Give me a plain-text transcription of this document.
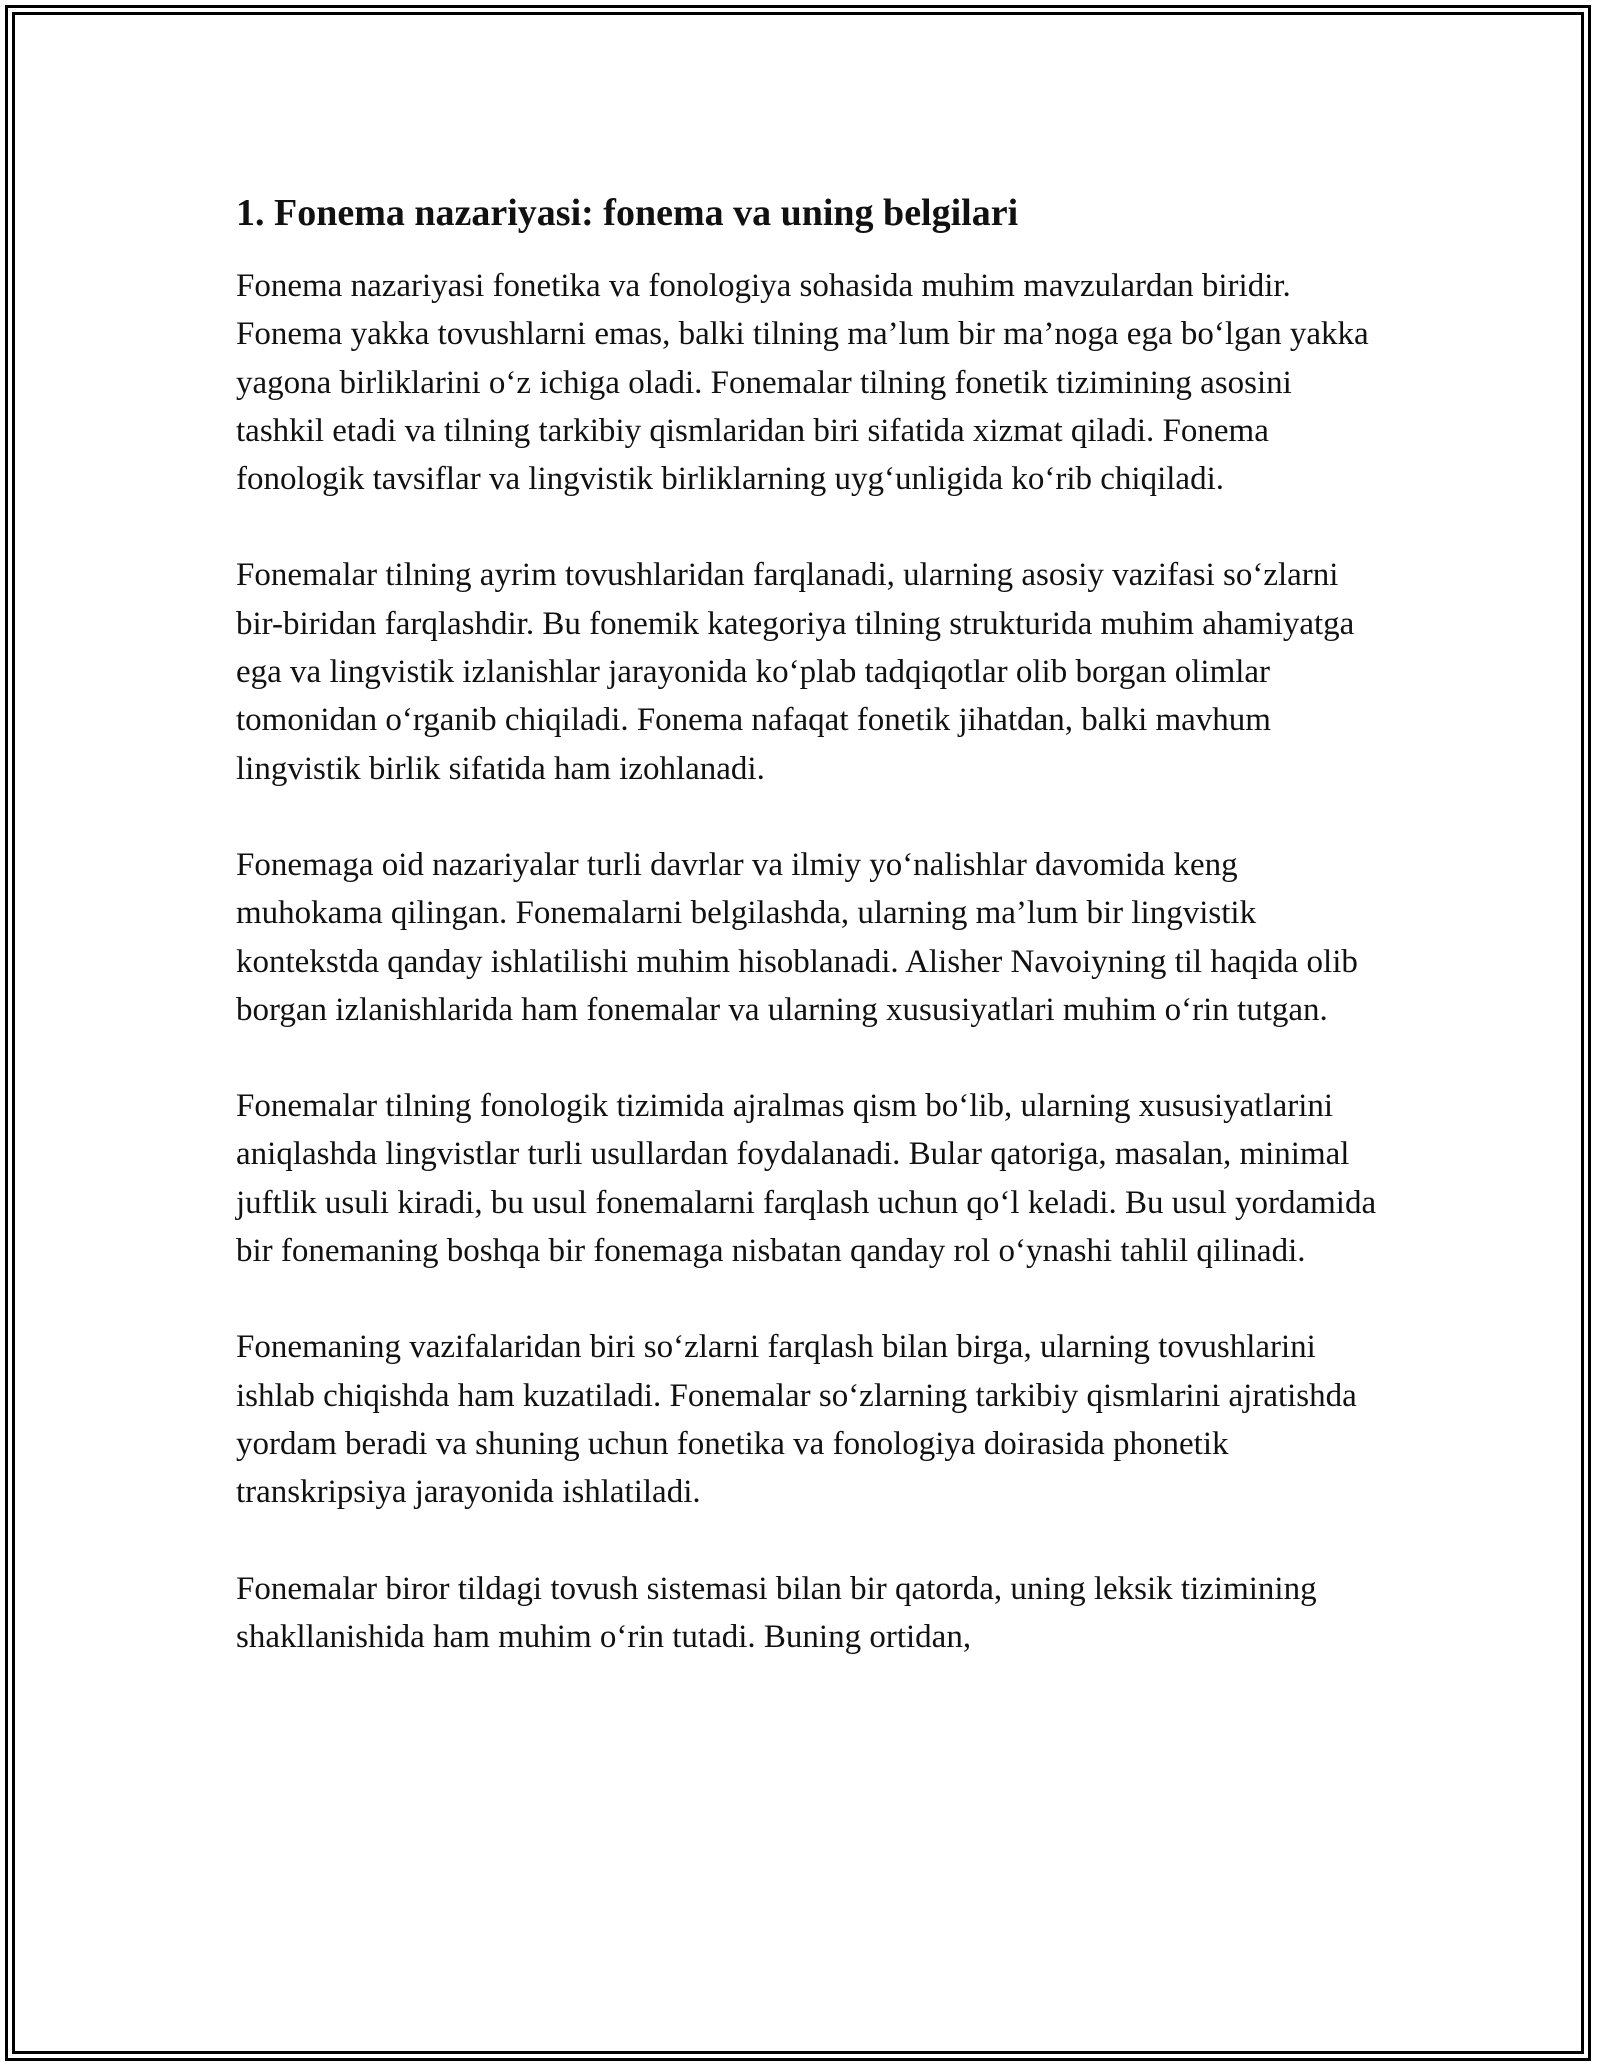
1. Fonema nazariyasi: fonema va uning belgilari

Fonema nazariyasi fonetika va fonologiya sohasida muhim mavzulardan biridir. Fonema yakka tovushlarni emas, balki tilning ma’lum bir ma’noga ega bo‘lgan yakka yagona birliklarini o‘z ichiga oladi. Fonemalar tilning fonetik tizimining asosini tashkil etadi va tilning tarkibiy qismlaridan biri sifatida xizmat qiladi. Fonema fonologik tavsiflar va lingvistik birliklarning uyg‘unligida ko‘rib chiqiladi.

Fonemalar tilning ayrim tovushlaridan farqlanadi, ularning asosiy vazifasi so‘zlarni bir-biridan farqlashdir. Bu fonemik kategoriya tilning strukturida muhim ahamiyatga ega va lingvistik izlanishlar jarayonida ko‘plab tadqiqotlar olib borgan olimlar tomonidan o‘rganib chiqiladi. Fonema nafaqat fonetik jihatdan, balki mavhum lingvistik birlik sifatida ham izohlanadi.

Fonemaga oid nazariyalar turli davrlar va ilmiy yo‘nalishlar davomida keng muhokama qilingan. Fonemalarni belgilashda, ularning ma’lum bir lingvistik kontekstda qanday ishlatilishi muhim hisoblanadi. Alisher Navoiyning til haqida olib borgan izlanishlarida ham fonemalar va ularning xususiyatlari muhim o‘rin tutgan.

Fonemalar tilning fonologik tizimida ajralmas qism bo‘lib, ularning xususiyatlarini aniqlashda lingvistlar turli usullardan foydalanadi. Bular qatoriga, masalan, minimal juftlik usuli kiradi, bu usul fonemalarni farqlash uchun qo‘l keladi. Bu usul yordamida bir fonemaning boshqa bir fonemaga nisbatan qanday rol o‘ynashi tahlil qilinadi.

Fonemaning vazifalaridan biri so‘zlarni farqlash bilan birga, ularning tovushlarini ishlab chiqishda ham kuzatiladi. Fonemalar so‘zlarning tarkibiy qismlarini ajratishda yordam beradi va shuning uchun fonetika va fonologiya doirasida phonetik transkripsiya jarayonida ishlatiladi.

Fonemalar biror tildagi tovush sistemasi bilan bir qatorda, uning leksik tizimining shakllanishida ham muhim o‘rin tutadi. Buning ortidan,
